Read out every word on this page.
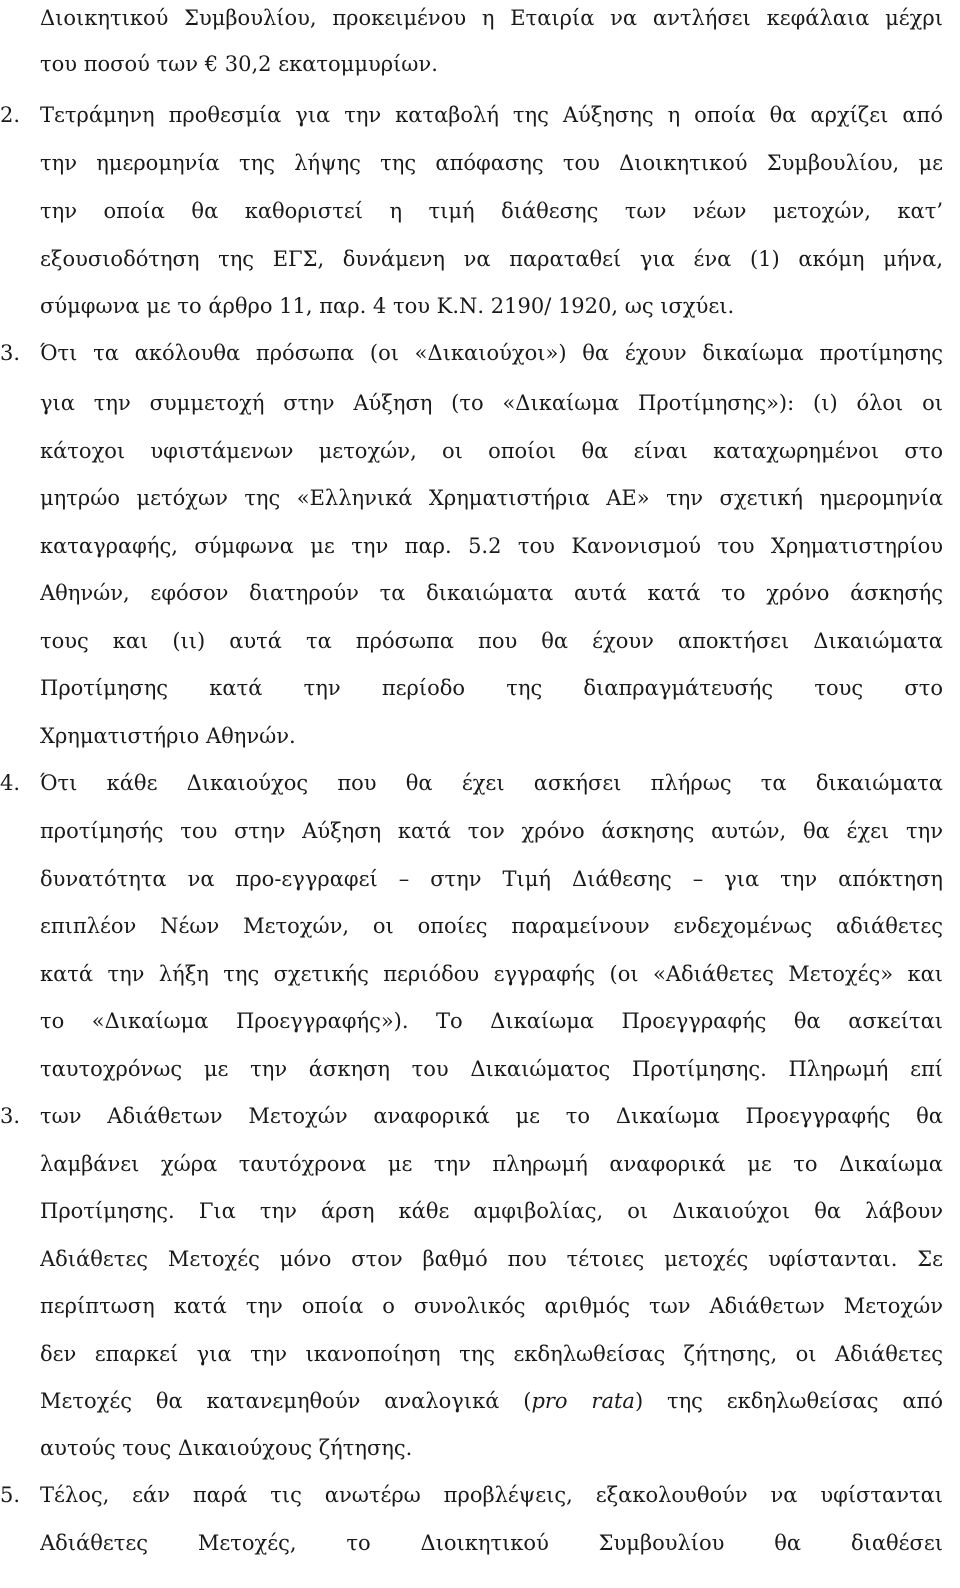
Διοικητικού Συμβουλίου, προκειμένου η Εταιρία να αντλήσει κεφάλαια μέχρι
του ποσού των € 30,2 εκατομμυρίων.
2. Τετράμηνη προθεσμία για την καταβολή της Αύξησης η οποία θα αρχίζει από
την ημερομηνία της λήψης της απόφασης του Διοικητικού Συμβουλίου, με
την οποία θα καθοριστεί η τιμή διάθεσης των νέων μετοχών, κατ’
εξουσιοδότηση της ΕΓΣ, δυνάμενη να παραταθεί για ένα (1) ακόμη μήνα,
σύμφωνα με το άρθρο 11, παρ. 4 του Κ.Ν. 2190/ 1920, ως ισχύει.
3. Ότι τα ακόλουθα πρόσωπα (οι «Δικαιούχοι») θα έχουν δικαίωμα προτίμησης
για την συμμετοχή στην Αύξηση (το «Δικαίωμα Προτίμησης»): (ι) όλοι οι
κάτοχοι υφιστάμενων μετοχών, οι οποίοι θα είναι καταχωρημένοι στο
μητρώο μετόχων της «Ελληνικά Χρηματιστήρια ΑΕ» την σχετική ημερομηνία
καταγραφής, σύμφωνα με την παρ. 5.2 του Κανονισμού του Χρηματιστηρίου
Αθηνών, εφόσον διατηρούν τα δικαιώματα αυτά κατά το χρόνο άσκησής
τους και (ιι) αυτά τα πρόσωπα που θα έχουν αποκτήσει Δικαιώματα
Προτίμησης κατά την περίοδο της διαπραγμάτευσής τους στο
Χρηματιστήριο Αθηνών.
4. Ότι κάθε Δικαιούχος που θα έχει ασκήσει πλήρως τα δικαιώματα
προτίμησής του στην Αύξηση κατά τον χρόνο άσκησης αυτών, θα έχει την
δυνατότητα να προ-εγγραφεί – στην Τιμή Διάθεσης – για την απόκτηση
επιπλέον Νέων Μετοχών, οι οποίες παραμείνουν ενδεχομένως αδιάθετες
κατά την λήξη της σχετικής περιόδου εγγραφής (οι «Αδιάθετες Μετοχές» και
το «Δικαίωμα Προεγγραφής»). Το Δικαίωμα Προεγγραφής θα ασκείται
ταυτοχρόνως με την άσκηση του Δικαιώματος Προτίμησης. Πληρωμή επί
3. των Αδιάθετων Μετοχών αναφορικά με το Δικαίωμα Προεγγραφής θα
λαμβάνει χώρα ταυτόχρονα με την πληρωμή αναφορικά με το Δικαίωμα
Προτίμησης. Για την άρση κάθε αμφιβολίας, οι Δικαιούχοι θα λάβουν
Αδιάθετες Μετοχές μόνο στον βαθμό που τέτοιες μετοχές υφίστανται. Σε
περίπτωση κατά την οποία ο συνολικός αριθμός των Αδιάθετων Μετοχών
δεν επαρκεί για την ικανοποίηση της εκδηλωθείσας ζήτησης, οι Αδιάθετες
Μετοχές θα κατανεμηθούν αναλογικά (pro rata) της εκδηλωθείσας από
αυτούς τους Δικαιούχους ζήτησης.
5. Τέλος, εάν παρά τις ανωτέρω προβλέψεις, εξακολουθούν να υφίστανται
Αδιάθετες Μετοχές, το Διοικητικού Συμβουλίου θα διαθέσει
